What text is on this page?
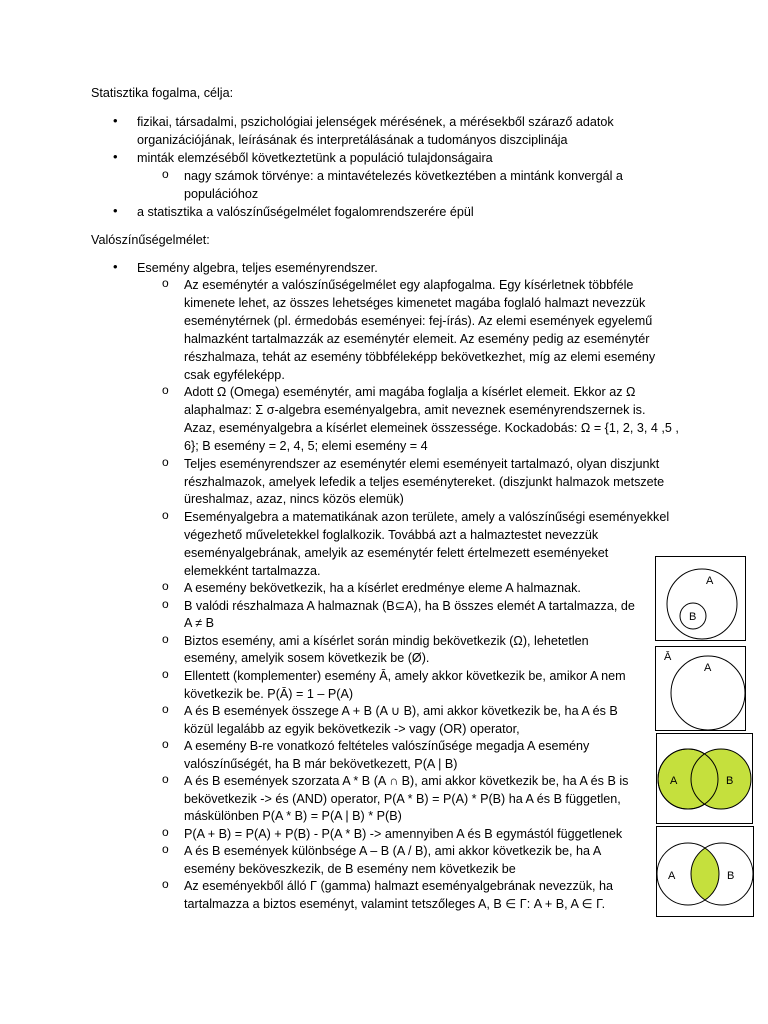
Statisztika fogalma, célja:
• fizikai, társadalmi, pszichológiai jelenségek mérésének, a mérésekből száraző adatok
organizációjának, leírásának és interpretálásának a tudományos diszciplinája
• minták elemzéséből következtetünk a populáció tulajdonságaira
o nagy számok törvénye: a mintavételezés következtében a mintánk konvergál a
populációhoz
• a statisztika a valószínűségelmélet fogalomrendszerére épül
Valószínűségelmélet:
• Esemény algebra, teljes eseményrendszer.
o Az eseménytér a valószínűségelmélet egy alapfogalma. Egy kísérletnek többféle
kimenete lehet, az összes lehetséges kimenetet magába foglaló halmazt nevezzük
eseménytérnek (pl. érmedobás eseményei: fej-írás). Az elemi események egyelemű
halmazként tartalmazzák az eseménytér elemeit. Az esemény pedig az eseménytér
részhalmaza, tehát az esemény többféleképp bekövetkezhet, míg az elemi esemény
csak egyféleképp.
o Adott Ω (Omega) eseménytér, ami magába foglalja a kísérlet elemeit. Ekkor az Ω
alaphalmaz: Σ σ-algebra eseményalgebra, amit neveznek eseményrendszernek is.
Azaz, eseményalgebra a kísérlet elemeinek összessége. Kockadobás: Ω = {1, 2, 3, 4 ,5 ,
6}; B esemény = 2, 4, 5; elemi esemény = 4
o Teljes eseményrendszer az eseménytér elemi eseményeit tartalmazó, olyan diszjunkt
részhalmazok, amelyek lefedik a teljes eseménytereket. (diszjunkt halmazok metszete
üreshalmaz, azaz, nincs közös elemük)
o Eseményalgebra a matematikának azon területe, amely a valószínűségi eseményekkel
végezhető műveletekkel foglalkozik. Továbbá azt a halmaztestet nevezzük
eseményalgebrának, amelyik az eseménytér felett értelmezett eseményeket
elemekként tartalmazza.
o A esemény bekövetkezik, ha a kísérlet eredménye eleme A halmaznak.
o B valódi részhalmaza A halmaznak (B⊆A), ha B összes elemét A tartalmazza, de
A ≠ B
o Biztos esemény, ami a kísérlet során mindig bekövetkezik (Ω), lehetetlen
esemény, amelyik sosem következik be (Ø).
o Ellentett (komplementer) esemény Ā, amely akkor következik be, amikor A nem
következik be. P(Ā) = 1 – P(A)
o A és B események összege A + B (A ∪ B), ami akkor következik be, ha A és B
közül legalább az egyik bekövetkezik -> vagy (OR) operator,
o A esemény B-re vonatkozó feltételes valószínűsége megadja A esemény
valószínűségét, ha B már bekövetkezett, P(A | B)
o A és B események szorzata A * B (A ∩ B), ami akkor következik be, ha A és B is
bekövetkezik -> és (AND) operator, P(A * B) = P(A) * P(B) ha A és B független,
máskülönben P(A * B) = P(A | B) * P(B)
o P(A + B) = P(A) + P(B) - P(A * B) -> amennyiben A és B egymástól függetlenek
o A és B események különbsége A – B (A / B), ami akkor következik be, ha A
esemény beköveszkezik, de B esemény nem következik be
o Az eseményekből álló Γ (gamma) halmazt eseményalgebrának nevezzük, ha
tartalmazza a biztos eseményt, valamint tetszőleges A, B ∈ Γ: A + B, A ∈ Γ.
A
B
Ā
A
A	B
A	B
